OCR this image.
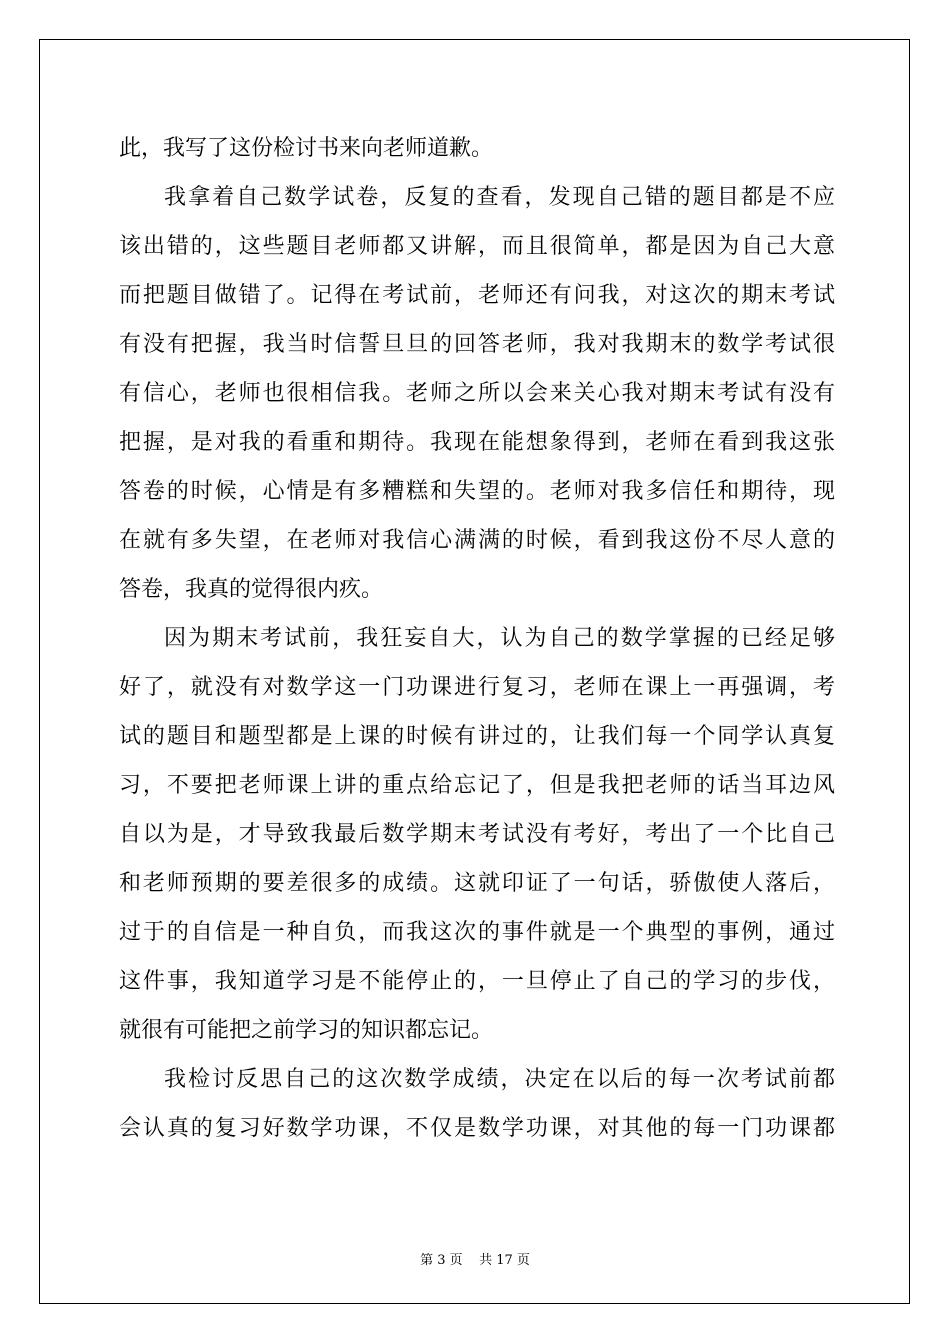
此，我写了这份检讨书来向老师道歉。
我拿着自己数学试卷，反复的查看，发现自己错的题目都是不应
该出错的，这些题目老师都又讲解，而且很简单，都是因为自己大意
而把题目做错了。记得在考试前，老师还有问我，对这次的期末考试
有没有把握，我当时信誓旦旦的回答老师，我对我期末的数学考试很
有信心，老师也很相信我。老师之所以会来关心我对期末考试有没有
把握，是对我的看重和期待。我现在能想象得到，老师在看到我这张
答卷的时候，心情是有多糟糕和失望的。老师对我多信任和期待，现
在就有多失望，在老师对我信心满满的时候，看到我这份不尽人意的
答卷，我真的觉得很内疚。
因为期末考试前，我狂妄自大，认为自己的数学掌握的已经足够
好了，就没有对数学这一门功课进行复习，老师在课上一再强调，考
试的题目和题型都是上课的时候有讲过的，让我们每一个同学认真复
习，不要把老师课上讲的重点给忘记了，但是我把老师的话当耳边风
自以为是，才导致我最后数学期末考试没有考好，考出了一个比自己
和老师预期的要差很多的成绩。这就印证了一句话，骄傲使人落后，
过于的自信是一种自负，而我这次的事件就是一个典型的事例，通过
这件事，我知道学习是不能停止的，一旦停止了自己的学习的步伐，
就很有可能把之前学习的知识都忘记。
我检讨反思自己的这次数学成绩，决定在以后的每一次考试前都
会认真的复习好数学功课，不仅是数学功课，对其他的每一门功课都
第 3 页    共 17 页
